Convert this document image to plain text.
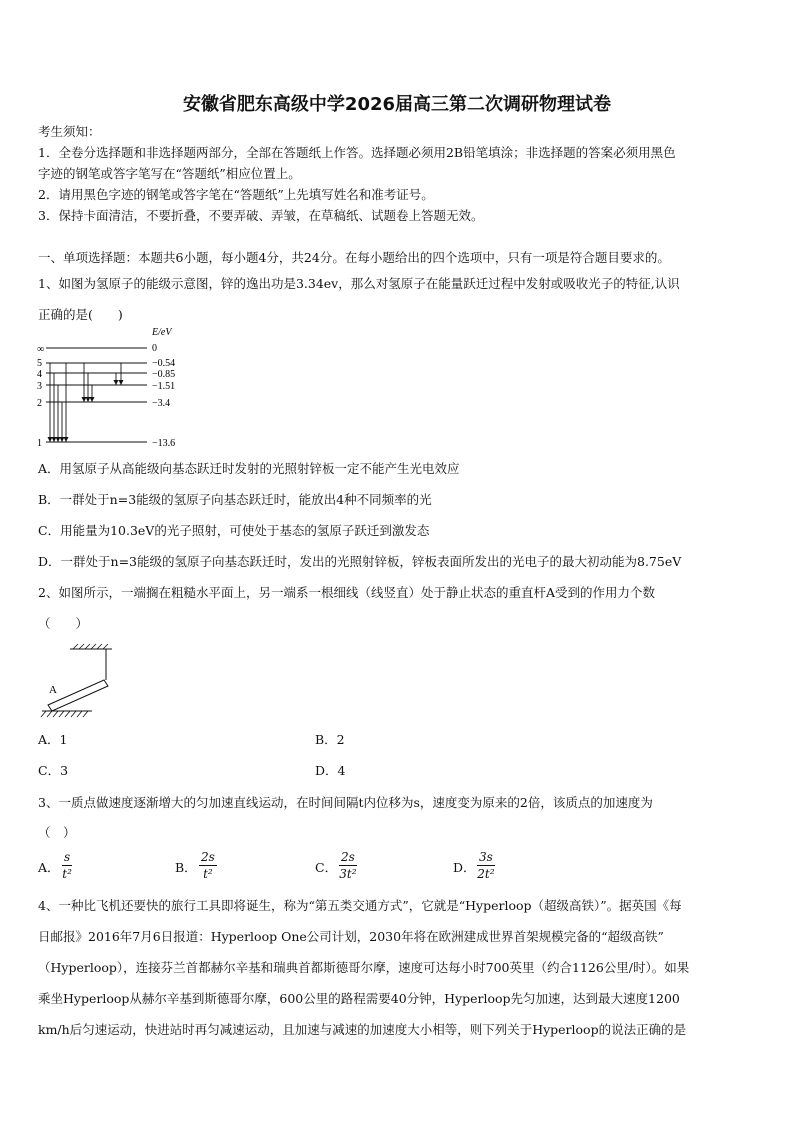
安徽省肥东高级中学2026届高三第二次调研物理试卷
考生须知：
1．全卷分选择题和非选择题两部分，全部在答题纸上作答。选择题必须用2B铅笔填涂；非选择题的答案必须用黑色
字迹的钢笔或答字笔写在“答题纸”相应位置上。
2．请用黑色字迹的钢笔或答字笔在“答题纸”上先填写姓名和准考证号。
3．保持卡面清洁，不要折叠，不要弄破、弄皱，在草稿纸、试题卷上答题无效。
一、单项选择题：本题共6小题，每小题4分，共24分。在每小题给出的四个选项中，只有一项是符合题目要求的。
1、如图为氢原子的能级示意图，锌的逸出功是3.34ev，那么对氢原子在能量跃迁过程中发射或吸收光子的特征,认识
正确的是(　　)
E/eV
∞
5
4
3
2
1
0
−0.54
−0.85
−1.51
−3.4
−13.6
A．用氢原子从高能级向基态跃迁时发射的光照射锌板一定不能产生光电效应
B．一群处于n=3能级的氢原子向基态跃迁时，能放出4种不同频率的光
C．用能量为10.3eV的光子照射，可使处于基态的氢原子跃迁到激发态
D．一群处于n=3能级的氢原子向基态跃迁时，发出的光照射锌板，锌板表面所发出的光电子的最大初动能为8.75eV
2、如图所示，一端搁在粗糙水平面上，另一端系一根细线（线竖直）处于静止状态的重直杆A受到的作用力个数
（　　）
A
A．1	B．2
C．3	D．4
3、一质点做速度逐渐增大的匀加速直线运动，在时间间隔t内位移为s，速度变为原来的2倍，该质点的加速度为
（　）
A． $\frac{s}{\text{t²}}$	B． $\frac{2s}{\text{t²}}$	C． $\frac{2s}{\text{3t²}}$	D． $\frac{3s}{\text{2t²}}$
4、一种比飞机还要快的旅行工具即将诞生，称为“第五类交通方式”，它就是“Hyperloop（超级高铁）”。据英国《每
日邮报》2016年7月6日报道：Hyperloop One公司计划，2030年将在欧洲建成世界首架规模完备的“超级高铁”
（Hyperloop），连接芬兰首都赫尔辛基和瑞典首都斯德哥尔摩，速度可达每小时700英里（约合1126公里/时）。如果
乘坐Hyperloop从赫尔辛基到斯德哥尔摩，600公里的路程需要40分钟，Hyperloop先匀加速，达到最大速度1200
km/h后匀速运动，快进站时再匀减速运动，且加速与减速的加速度大小相等，则下列关于Hyperloop的说法正确的是
